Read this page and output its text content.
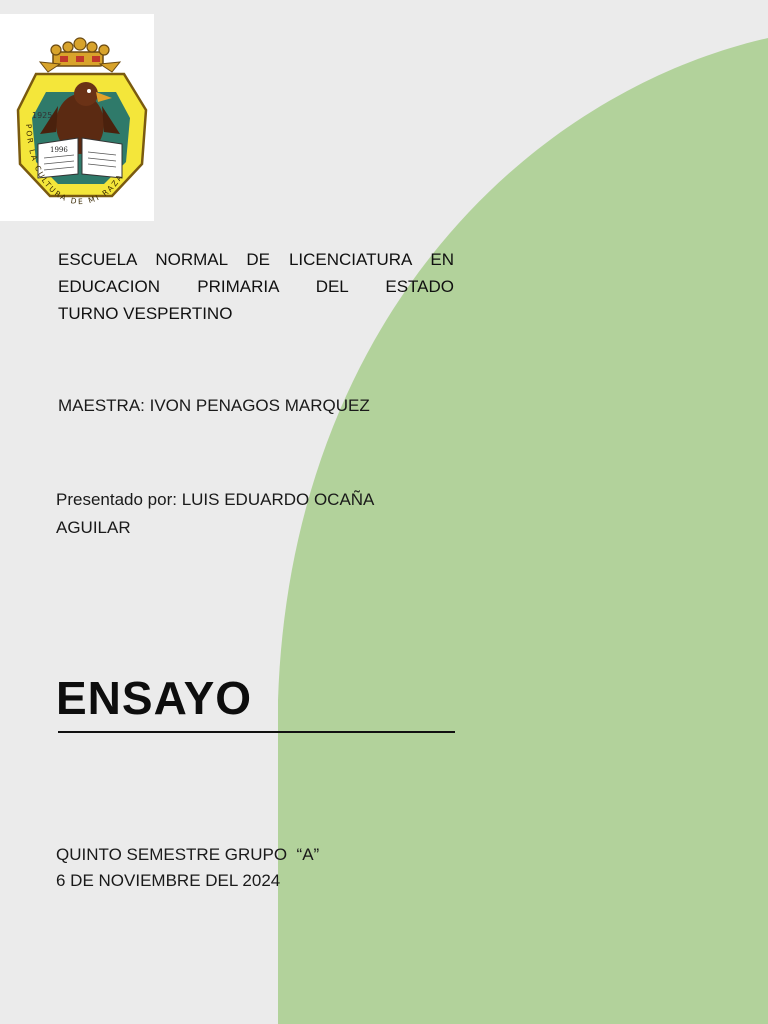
1996
1925
POR LA CULTURA DE MI RAZA
ESCUELA NORMAL DE LICENCIATURA EN
EDUCACION PRIMARIA DEL ESTADO
TURNO VESPERTINO
MAESTRA: IVON PENAGOS MARQUEZ
Presentado por: LUIS EDUARDO OCAÑA AGUILAR
ENSAYO
QUINTO SEMESTRE GRUPO  “A”
6 DE NOVIEMBRE DEL 2024
